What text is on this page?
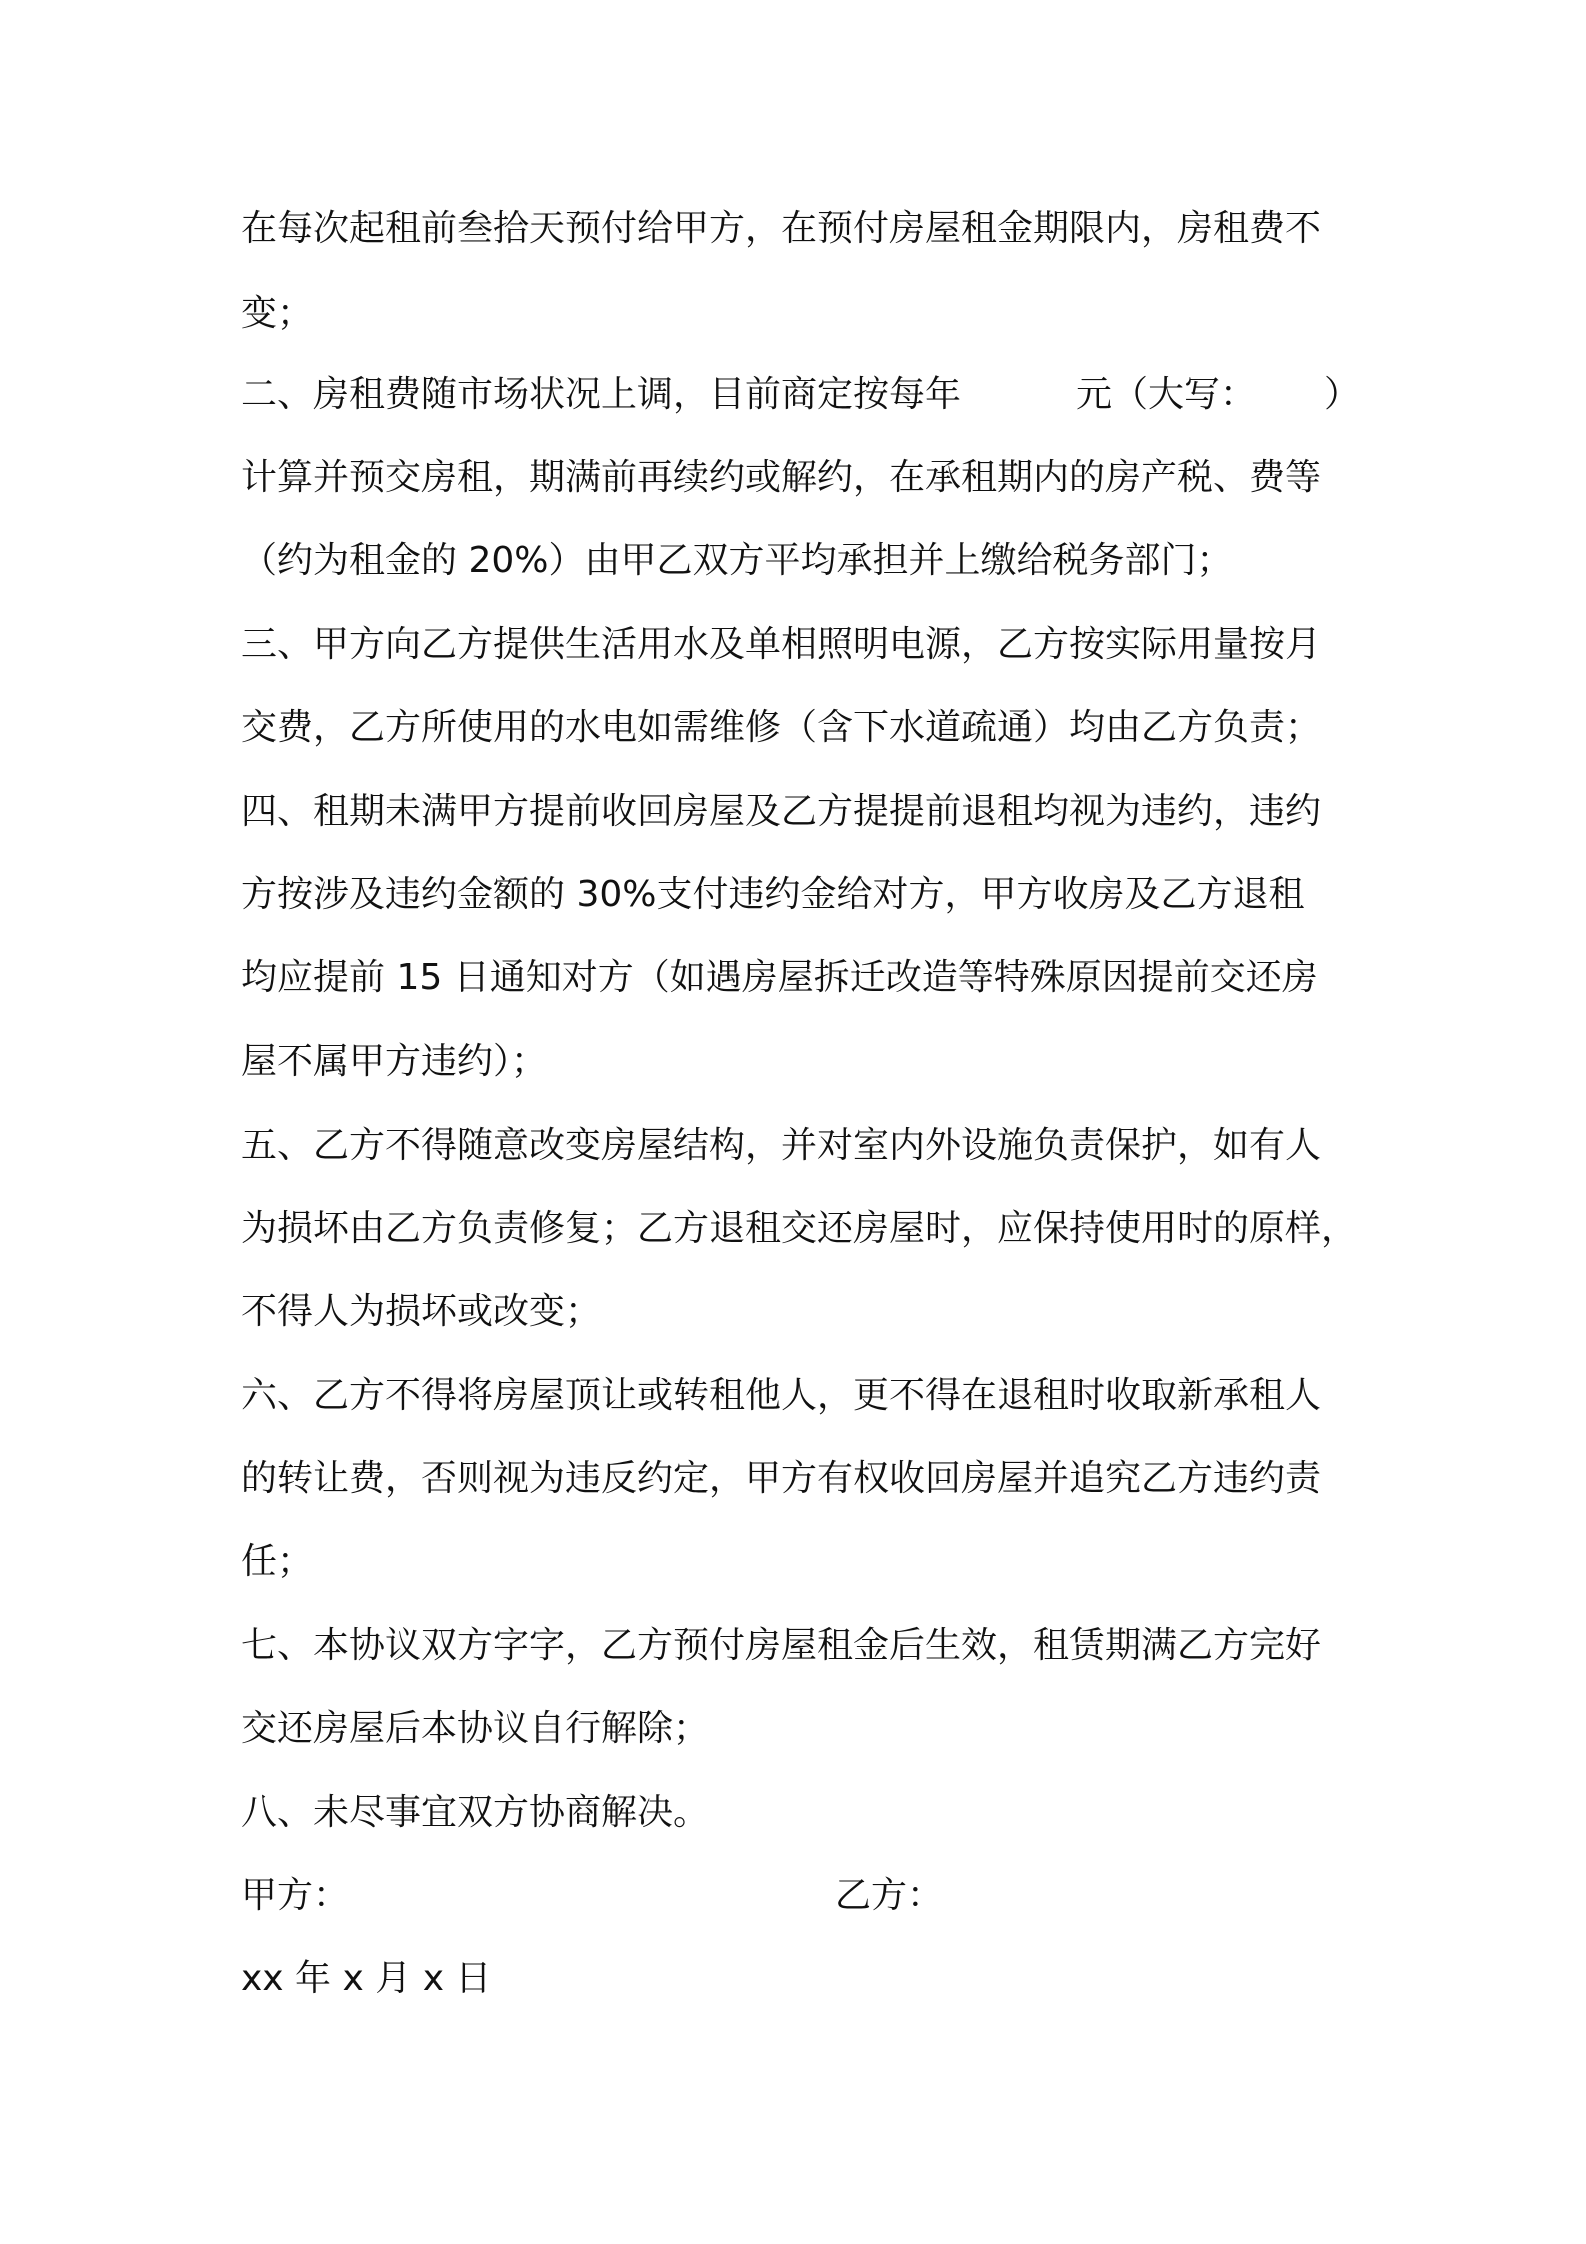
在每次起租前叁拾天预付给甲方，在预付房屋租金期限内，房租费不
变；
二、房租费随市场状况上调，目前商定按每年	元（大写： ）
计算并预交房租，期满前再续约或解约，在承租期内的房产税、费等
（约为租金的 20%）由甲乙双方平均承担并上缴给税务部门；
三、甲方向乙方提供生活用水及单相照明电源，乙方按实际用量按月
交费，乙方所使用的水电如需维修（含下水道疏通）均由乙方负责；
四、租期未满甲方提前收回房屋及乙方提提前退租均视为违约，违约
方按涉及违约金额的 30%支付违约金给对方，甲方收房及乙方退租
均应提前 15 日通知对方（如遇房屋拆迁改造等特殊原因提前交还房
屋不属甲方违约）；
五、乙方不得随意改变房屋结构，并对室内外设施负责保护，如有人
为损坏由乙方负责修复；乙方退租交还房屋时，应保持使用时的原样，
不得人为损坏或改变；
六、乙方不得将房屋顶让或转租他人，更不得在退租时收取新承租人
的转让费，否则视为违反约定，甲方有权收回房屋并追究乙方违约责
任；
七、本协议双方字字，乙方预付房屋租金后生效，租赁期满乙方完好
交还房屋后本协议自行解除；
八、未尽事宜双方协商解决。
甲方：	乙方：
xx 年 x 月 x 日
